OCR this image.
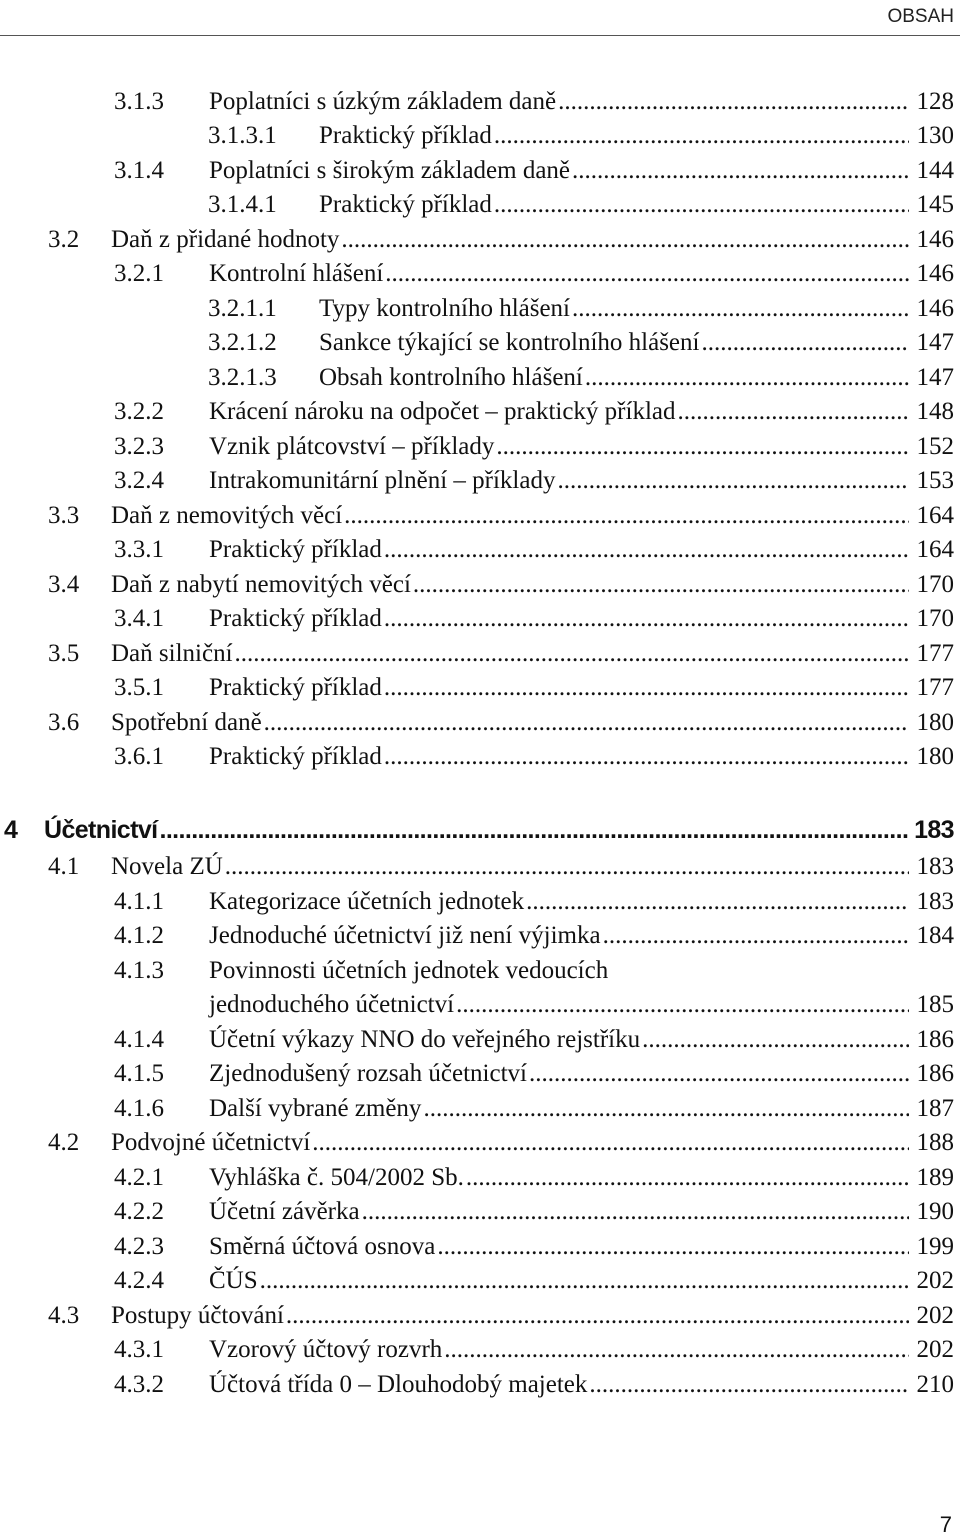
OBSAH
3.1.3	Poplatníci s úzkým základem daně .....	128
3.1.3.1	Praktický příklad .....	130
3.1.4	Poplatníci s širokým základem daně .....	144
3.1.4.1	Praktický příklad .....	145
3.2	Daň z přidané hodnoty .....	146
3.2.1	Kontrolní hlášení .....	146
3.2.1.1	Typy kontrolního hlášení .....	146
3.2.1.2	Sankce týkající se kontrolního hlášení .....	147
3.2.1.3	Obsah kontrolního hlášení .....	147
3.2.2	Krácení nároku na odpočet – praktický příklad .....	148
3.2.3	Vznik plátcovství – příklady .....	152
3.2.4	Intrakomunitární plnění – příklady .....	153
3.3	Daň z nemovitých věcí .....	164
3.3.1	Praktický příklad .....	164
3.4	Daň z nabytí nemovitých věcí .....	170
3.4.1	Praktický příklad .....	170
3.5	Daň silniční .....	177
3.5.1	Praktický příklad .....	177
3.6	Spotřební daně .....	180
3.6.1	Praktický příklad .....	180
4	Účetnictví .....	183
4.1	Novela ZÚ .....	183
4.1.1	Kategorizace účetních jednotek .....	183
4.1.2	Jednoduché účetnictví již není výjimka .....	184
4.1.3	Povinnosti účetních jednotek vedoucích
jednoduchého účetnictví .....	185
4.1.4	Účetní výkazy NNO do veřejného rejstříku .....	186
4.1.5	Zjednodušený rozsah účetnictví .....	186
4.1.6	Další vybrané změny .....	187
4.2	Podvojné účetnictví .....	188
4.2.1	Vyhláška č. 504/2002 Sb. .....	189
4.2.2	Účetní závěrka .....	190
4.2.3	Směrná účtová osnova .....	199
4.2.4	ČÚS .....	202
4.3	Postupy účtování .....	202
4.3.1	Vzorový účtový rozvrh .....	202
4.3.2	Účtová třída 0 – Dlouhodobý majetek .....	210
7
